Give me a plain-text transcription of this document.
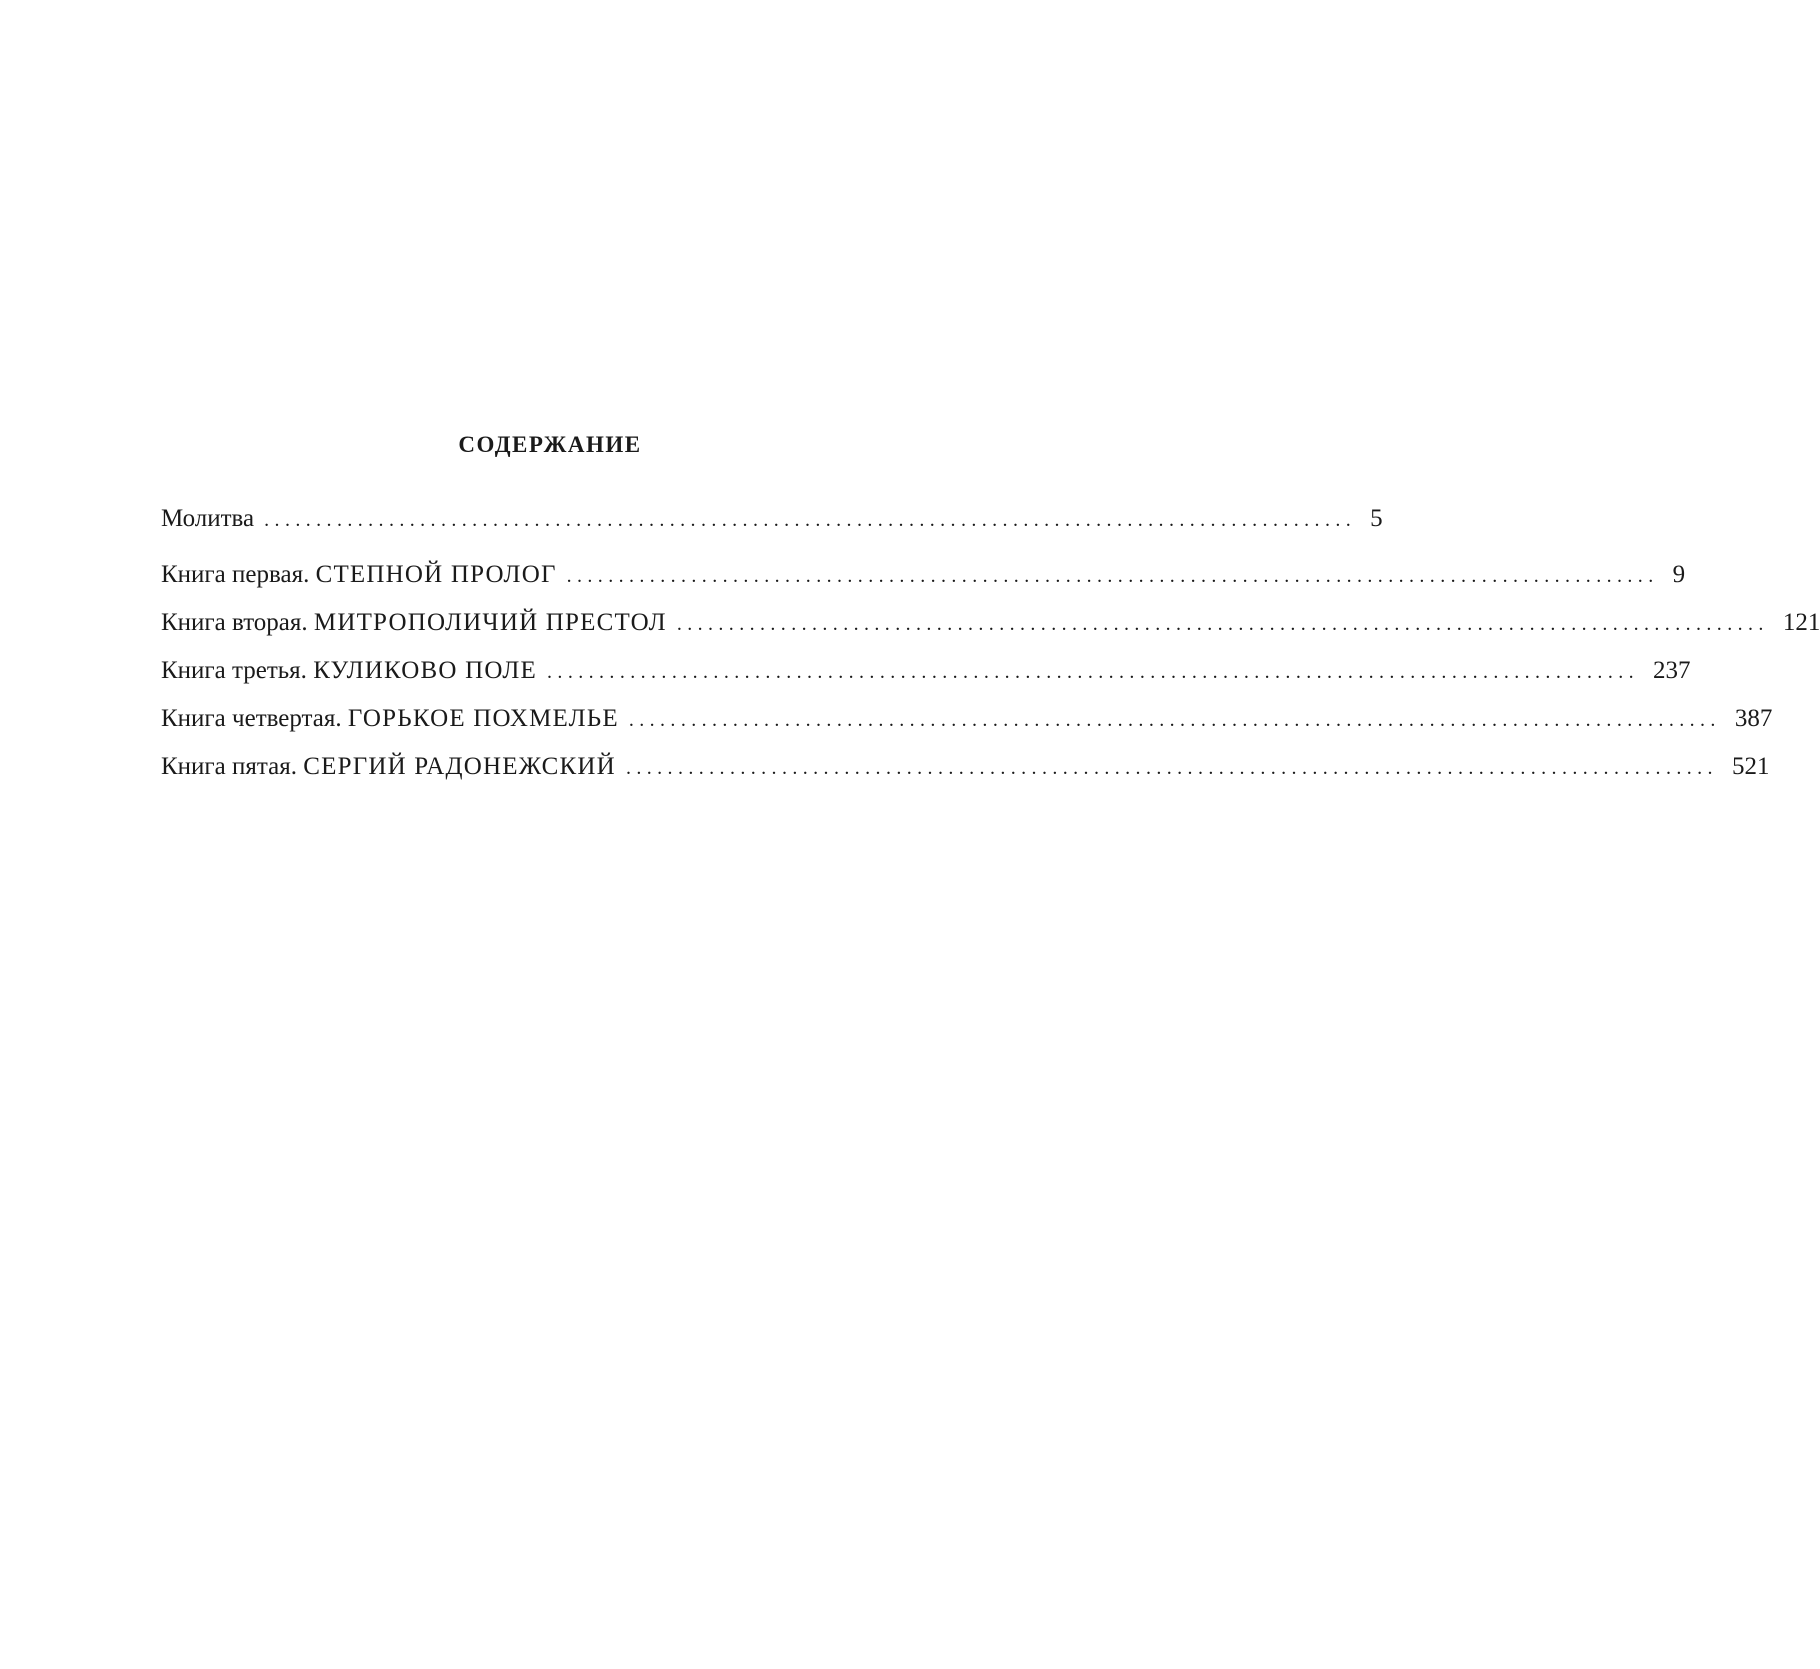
СОДЕРЖАНИЕ
Молитва ......................................................................................................... 5
Книга первая. СТЕПНОЙ ПРОЛОГ ......................................................................................................... 9
Книга вторая. МИТРОПОЛИЧИЙ ПРЕСТОЛ ......................................................................................................... 121
Книга третья. КУЛИКОВО ПОЛЕ ......................................................................................................... 237
Книга четвертая. ГОРЬКОЕ ПОХМЕЛЬЕ ......................................................................................................... 387
Книга пятая. СЕРГИЙ РАДОНЕЖСКИЙ ......................................................................................................... 521
